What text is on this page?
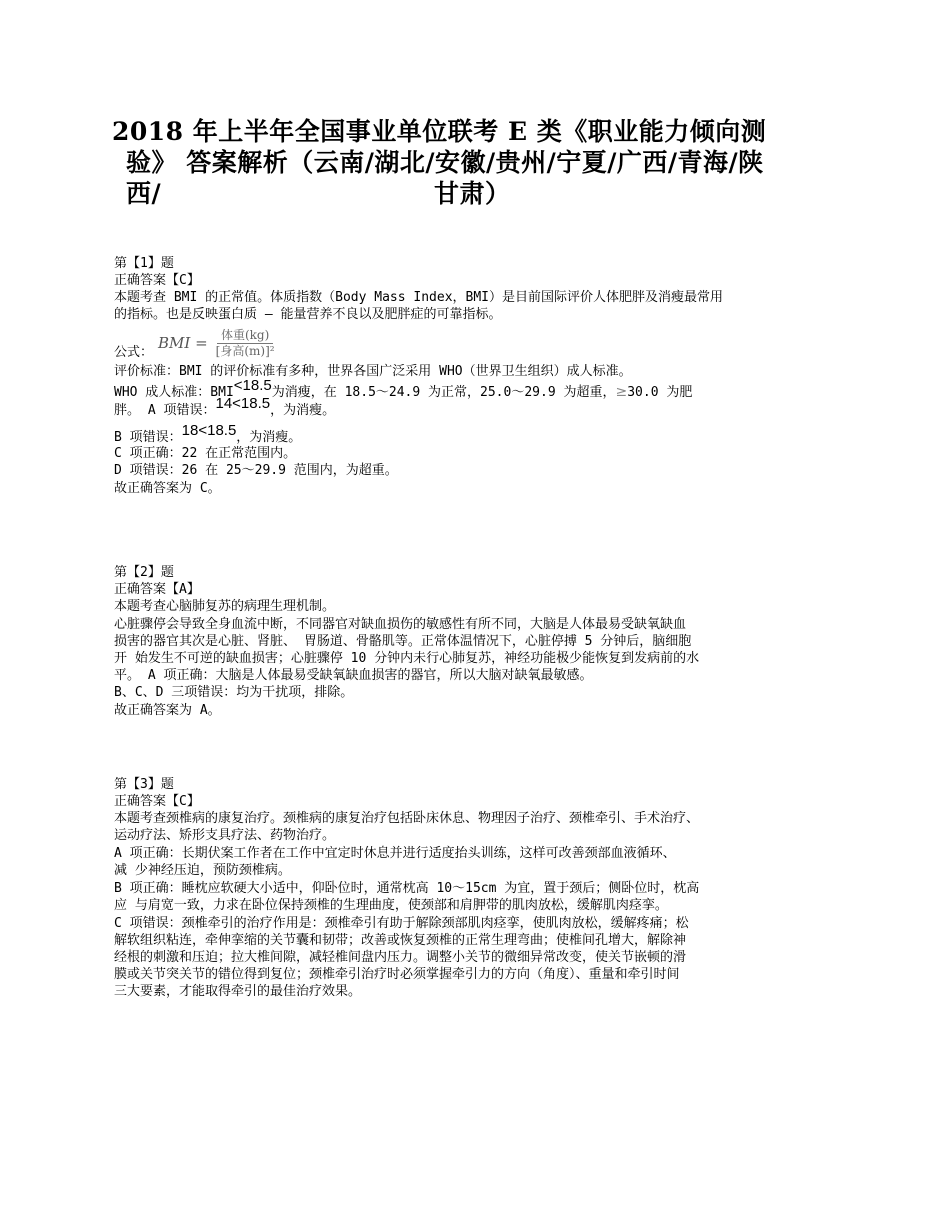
2018 年上半年全国事业单位联考 E 类《职业能力倾向测
验》 答案解析（云南/湖北/安徽/贵州/宁夏/广西/青海/陕
西/	甘肃）
第【1】题
正确答案【C】
本题考查 BMI 的正常值。体质指数（Body Mass Index，BMI）是目前国际评价人体肥胖及消瘦最常用
的指标。也是反映蛋白质 – 能量营养不良以及肥胖症的可靠指标。
公式：
BMI = $\frac{\text{体重(kg)}}{\text{[身高(m)]²}}$
评价标准：BMI 的评价标准有多种，世界各国广泛采用 WHO（世界卫生组织）成人标准。
WHO 成人标准：BMI<18.5为消瘦，在 18.5～24.9 为正常，25.0～29.9 为超重，≥30.0 为肥
胖。 A 项错误：14<18.5，为消瘦。
B 项错误：18<18.5，为消瘦。
C 项正确：22 在正常范围内。
D 项错误：26 在 25～29.9 范围内，为超重。
故正确答案为 C。
第【2】题
正确答案【A】
本题考查心脑肺复苏的病理生理机制。
心脏骤停会导致全身血流中断，不同器官对缺血损伤的敏感性有所不同，大脑是人体最易受缺氧缺血
损害的器官其次是心脏、肾脏、 胃肠道、骨骼肌等。正常体温情况下，心脏停搏 5 分钟后，脑细胞
开 始发生不可逆的缺血损害；心脏骤停 10 分钟内未行心肺复苏，神经功能极少能恢复到发病前的水
平。 A 项正确：大脑是人体最易受缺氧缺血损害的器官，所以大脑对缺氧最敏感。
B、C、D 三项错误：均为干扰项，排除。
故正确答案为 A。
第【3】题
正确答案【C】
本题考查颈椎病的康复治疗。颈椎病的康复治疗包括卧床休息、物理因子治疗、颈椎牵引、手术治疗、
运动疗法、矫形支具疗法、药物治疗。
A 项正确：长期伏案工作者在工作中宜定时休息并进行适度抬头训练，这样可改善颈部血液循环、
减 少神经压迫，预防颈椎病。
B 项正确：睡枕应软硬大小适中，仰卧位时，通常枕高 10～15cm 为宜，置于颈后；侧卧位时，枕高
应 与肩宽一致，力求在卧位保持颈椎的生理曲度，使颈部和肩胛带的肌肉放松，缓解肌肉痉挛。
C 项错误：颈椎牵引的治疗作用是：颈椎牵引有助于解除颈部肌肉痉挛，使肌肉放松，缓解疼痛；松
解软组织粘连，牵伸挛缩的关节囊和韧带；改善或恢复颈椎的正常生理弯曲；使椎间孔增大，解除神
经根的刺激和压迫；拉大椎间隙，减轻椎间盘内压力。调整小关节的微细异常改变，使关节嵌顿的滑
膜或关节突关节的错位得到复位；颈椎牵引治疗时必须掌握牵引力的方向（角度）、重量和牵引时间
三大要素，才能取得牵引的最佳治疗效果。
